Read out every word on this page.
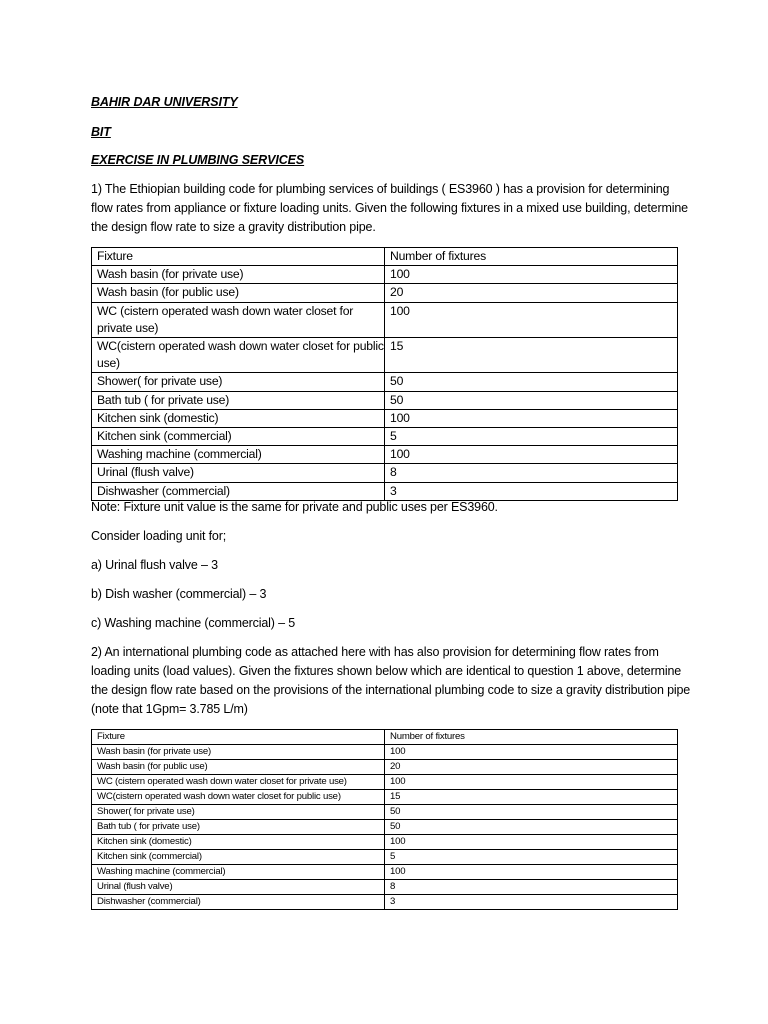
BAHIR DAR UNIVERSITY
BIT
EXERCISE IN PLUMBING SERVICES
1) The Ethiopian building code for plumbing services of buildings ( ES3960 ) has a provision for determining flow rates from appliance or fixture loading units. Given the following fixtures in a mixed use building, determine the design flow rate to size a gravity distribution pipe.
Fixture	Number of fixtures
Wash basin (for private use)	100
Wash basin (for public use)	20
WC (cistern operated wash down water closet for private use)	100
WC(cistern operated wash down water closet for public use)	15
Shower( for private use)	50
Bath tub ( for private use)	50
Kitchen sink (domestic)	100
Kitchen sink (commercial)	5
Washing machine (commercial)	100
Urinal (flush valve)	8
Dishwasher (commercial)	3
Note: Fixture unit value is the same for private and public uses per ES3960.
Consider loading unit for;
a) Urinal flush valve – 3
b) Dish washer (commercial) – 3
c) Washing machine (commercial) – 5
2) An international plumbing code as attached here with has also provision for determining flow rates from loading units (load values). Given the fixtures shown below which are identical to question 1 above, determine the design flow rate based on the provisions of the international plumbing code to size a gravity distribution pipe (note that 1Gpm= 3.785 L/m)
Fixture	Number of fixtures
Wash basin (for private use)	100
Wash basin (for public use)	20
WC (cistern operated wash down water closet for private use)	100
WC(cistern operated wash down water closet for public use)	15
Shower( for private use)	50
Bath tub ( for private use)	50
Kitchen sink (domestic)	100
Kitchen sink (commercial)	5
Washing machine (commercial)	100
Urinal (flush valve)	8
Dishwasher (commercial)	3
